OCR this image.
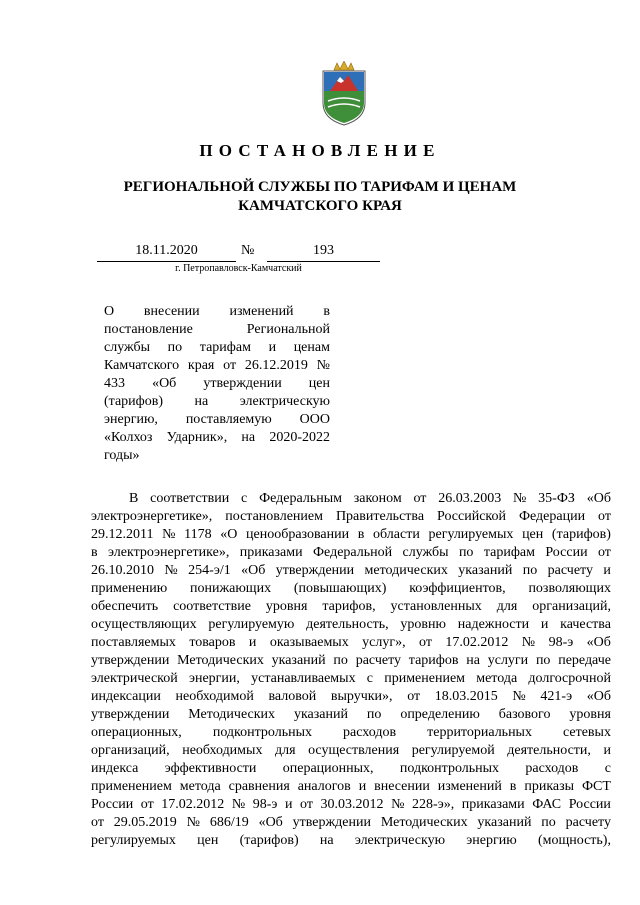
ПОСТАНОВЛЕНИЕ
РЕГИОНАЛЬНОЙ СЛУЖБЫ ПО ТАРИФАМ И ЦЕНАМ
КАМЧАТСКОГО КРАЯ
18.11.2020	№	193
г. Петропавловск-Камчатский
О внесении изменений в
постановление	Региональной
службы по тарифам и ценам
Камчатского края от 26.12.2019 №
433 «Об утверждении цен
(тарифов) на электрическую
энергию, поставляемую ООО
«Колхоз Ударник», на 2020-2022
годы»
В соответствии с Федеральным законом от 26.03.2003 № 35-ФЗ «Об
электроэнергетике», постановлением Правительства Российской Федерации от
29.12.2011 № 1178 «О ценообразовании в области регулируемых цен (тарифов)
в электроэнергетике», приказами Федеральной службы по тарифам России от
26.10.2010 № 254-э/1 «Об утверждении методических указаний по расчету и
применению понижающих (повышающих) коэффициентов, позволяющих
обеспечить соответствие уровня тарифов, установленных для организаций,
осуществляющих регулируемую деятельность, уровню надежности и качества
поставляемых товаров и оказываемых услуг», от 17.02.2012 № 98-э «Об
утверждении Методических указаний по расчету тарифов на услуги по передаче
электрической энергии, устанавливаемых с применением метода долгосрочной
индексации необходимой валовой выручки», от 18.03.2015 № 421-э «Об
утверждении Методических указаний по определению базового уровня
операционных, подконтрольных расходов территориальных сетевых
организаций, необходимых для осуществления регулируемой деятельности, и
индекса эффективности операционных, подконтрольных расходов с
применением метода сравнения аналогов и внесении изменений в приказы ФСТ
России от 17.02.2012 № 98-э и от 30.03.2012 № 228-э», приказами ФАС России
от 29.05.2019 № 686/19 «Об утверждении Методических указаний по расчету
регулируемых цен (тарифов) на электрическую энергию (мощность),
